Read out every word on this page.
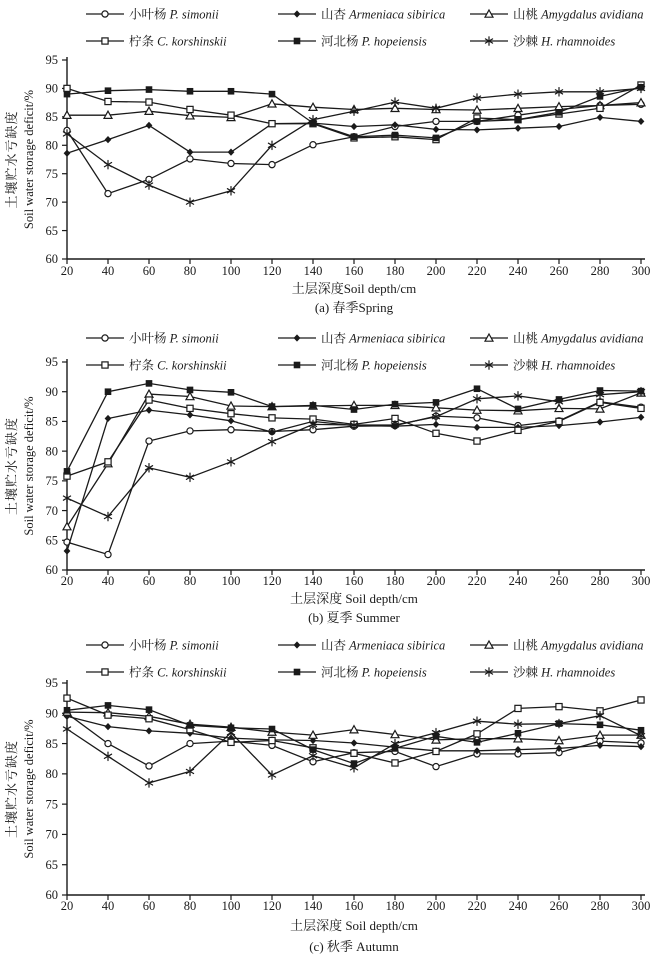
小叶杨 P. simonii	山杏 Armeniaca sibirica	山桃 Amygdalus avidiana
柠条 C. korshinskii	河北杨 P. hopeiensis	沙棘 H. rhamnoides
60
65
70
75
80
85
90
95
20 40 60 80 100 120 140 160 180 200 220 240 260 280 300
土壤贮水亏缺度 Soil water storage deficit/%
土层深度Soil depth/cm
(a) 春季Spring
小叶杨 P. simonii	山杏 Armeniaca sibirica	山桃 Amygdalus avidiana
柠条 C. korshinskii	河北杨 P. hopeiensis	沙棘 H. rhamnoides
60
65
70
75
80
85
90
95
20 40 60 80 100 120 140 160 180 200 220 240 260 280 300
土壤贮水亏缺度 Soil water storage deficit/%
土层深度 Soil depth/cm
(b) 夏季 Summer
小叶杨 P. simonii	山杏 Armeniaca sibirica	山桃 Amygdalus avidiana
柠条 C. korshinskii	河北杨 P. hopeiensis	沙棘 H. rhamnoides
60
65
70
75
80
85
90
95
20 40 60 80 100 120 140 160 180 200 220 240 260 280 300
土壤贮水亏缺度 Soil water storage deficit/%
土层深度 Soil depth/cm
(c) 秋季 Autumn
